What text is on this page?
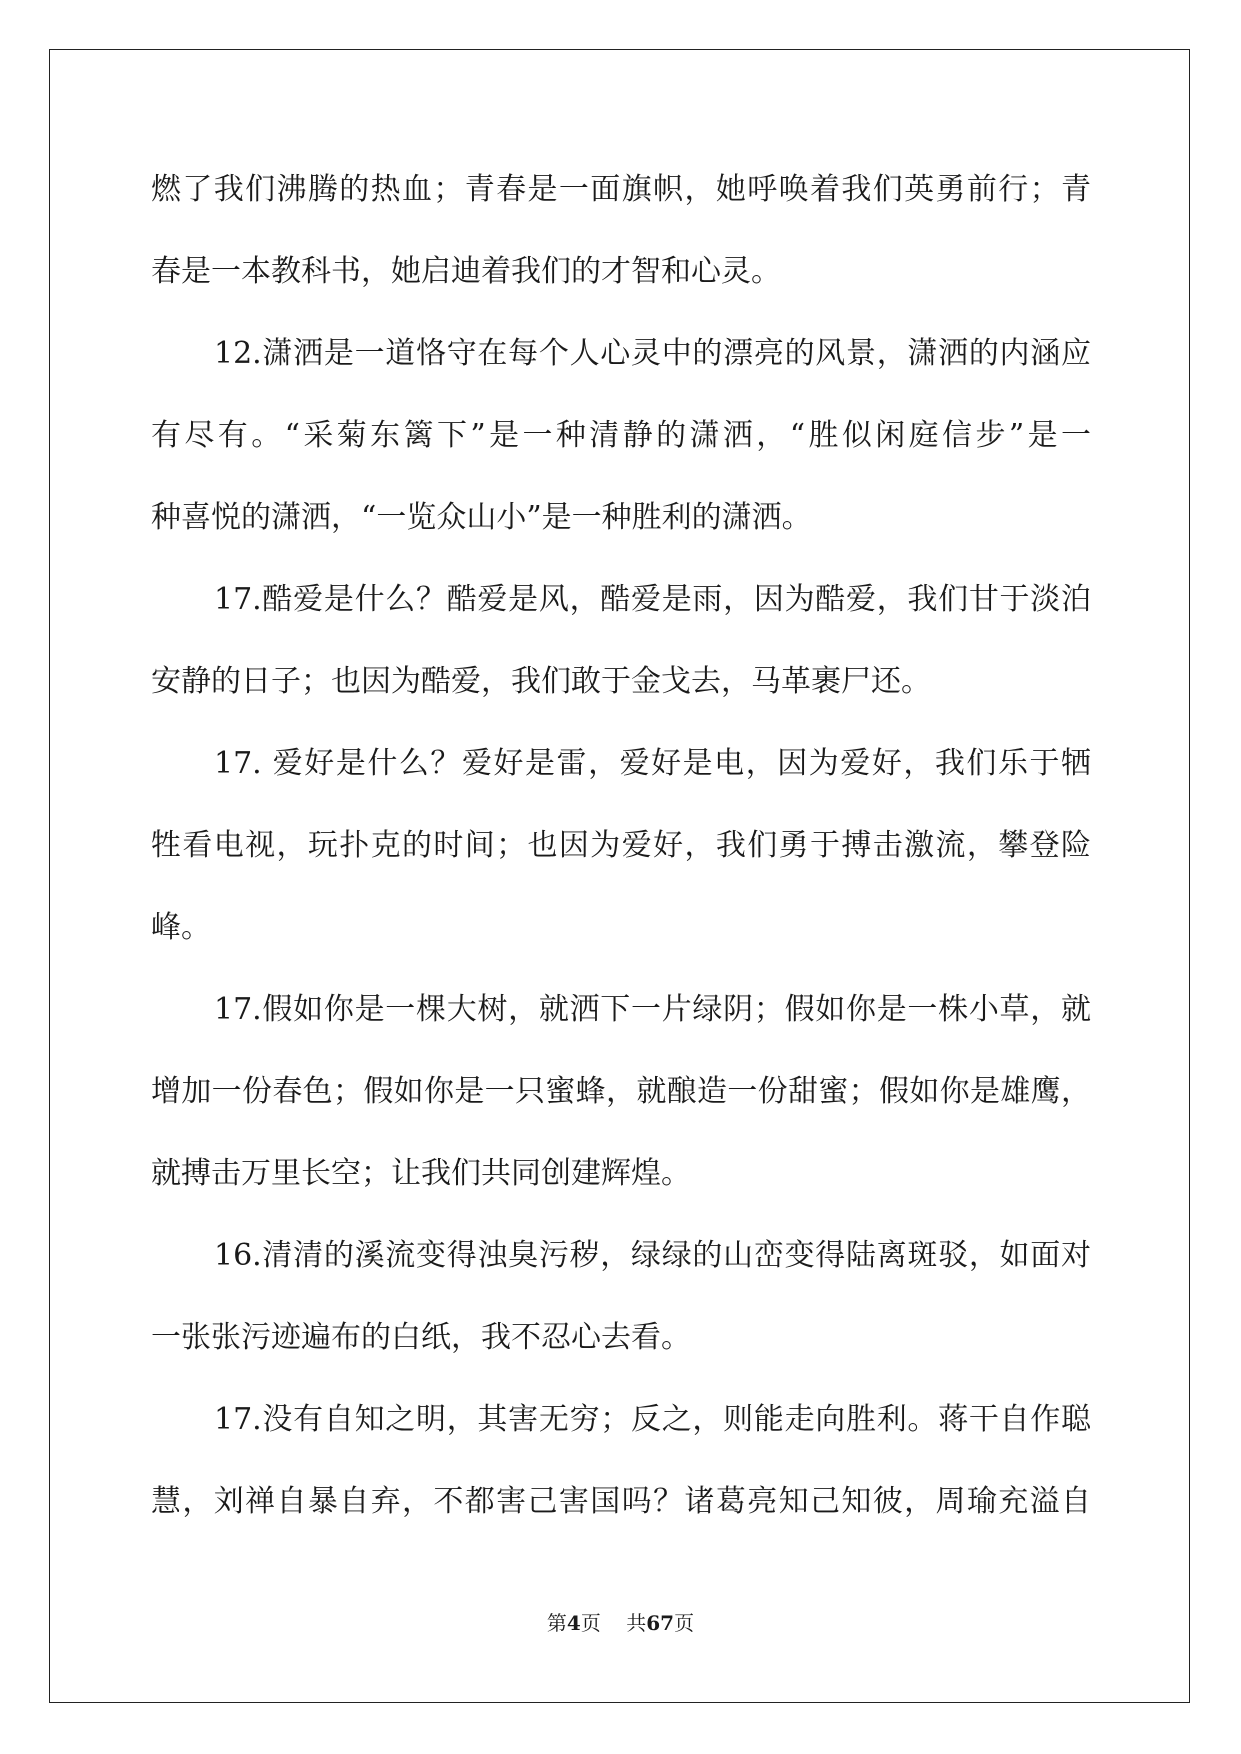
燃了我们沸腾的热血；青春是一面旗帜，她呼唤着我们英勇前行；青
春是一本教科书，她启迪着我们的才智和心灵。
12.潇洒是一道恪守在每个人心灵中的漂亮的风景，潇洒的内涵应
有尽有。“采菊东篱下”是一种清静的潇洒，“胜似闲庭信步”是一
种喜悦的潇洒，“一览众山小”是一种胜利的潇洒。
17.酷爱是什么？酷爱是风，酷爱是雨，因为酷爱，我们甘于淡泊
安静的日子；也因为酷爱，我们敢于金戈去，马革裹尸还。
17. 爱好是什么？爱好是雷，爱好是电，因为爱好，我们乐于牺
牲看电视，玩扑克的时间；也因为爱好，我们勇于搏击激流，攀登险
峰。
17.假如你是一棵大树，就洒下一片绿阴；假如你是一株小草，就
增加一份春色；假如你是一只蜜蜂，就酿造一份甜蜜；假如你是雄鹰，
就搏击万里长空；让我们共同创建辉煌。
16.清清的溪流变得浊臭污秽，绿绿的山峦变得陆离斑驳，如面对
一张张污迹遍布的白纸，我不忍心去看。
17.没有自知之明，其害无穷；反之，则能走向胜利。蒋干自作聪
慧，刘禅自暴自弃，不都害己害国吗？诸葛亮知己知彼，周瑜充溢自
第4页 共67页
